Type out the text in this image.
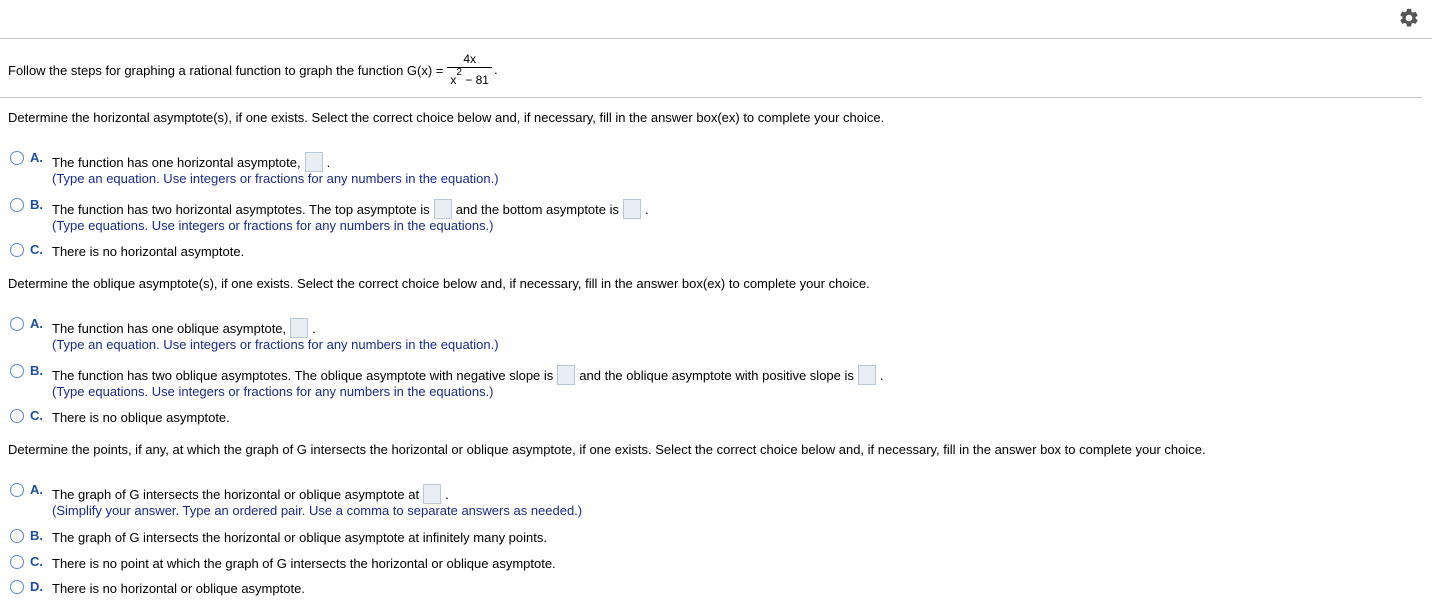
Follow the steps for graphing a rational function to graph the function $G(x) = \frac{4x}{x^2 - 81}$ .
Determine the horizontal asymptote(s), if one exists. Select the correct choice below and, if necessary, fill in the answer box(ex) to complete your choice.
A. The function has one horizontal asymptote, .
(Type an equation. Use integers or fractions for any numbers in the equation.)
B. The function has two horizontal asymptotes. The top asymptote is and the bottom asymptote is .
(Type equations. Use integers or fractions for any numbers in the equations.)
C. There is no horizontal asymptote.
Determine the oblique asymptote(s), if one exists. Select the correct choice below and, if necessary, fill in the answer box(ex) to complete your choice.
A. The function has one oblique asymptote, .
(Type an equation. Use integers or fractions for any numbers in the equation.)
B. The function has two oblique asymptotes. The oblique asymptote with negative slope is and the oblique asymptote with positive slope is .
(Type equations. Use integers or fractions for any numbers in the equations.)
C. There is no oblique asymptote.
Determine the points, if any, at which the graph of G intersects the horizontal or oblique asymptote, if one exists. Select the correct choice below and, if necessary, fill in the answer box to complete your choice.
A. The graph of G intersects the horizontal or oblique asymptote at .
(Simplify your answer. Type an ordered pair. Use a comma to separate answers as needed.)
B. The graph of G intersects the horizontal or oblique asymptote at infinitely many points.
C. There is no point at which the graph of G intersects the horizontal or oblique asymptote.
D. There is no horizontal or oblique asymptote.
